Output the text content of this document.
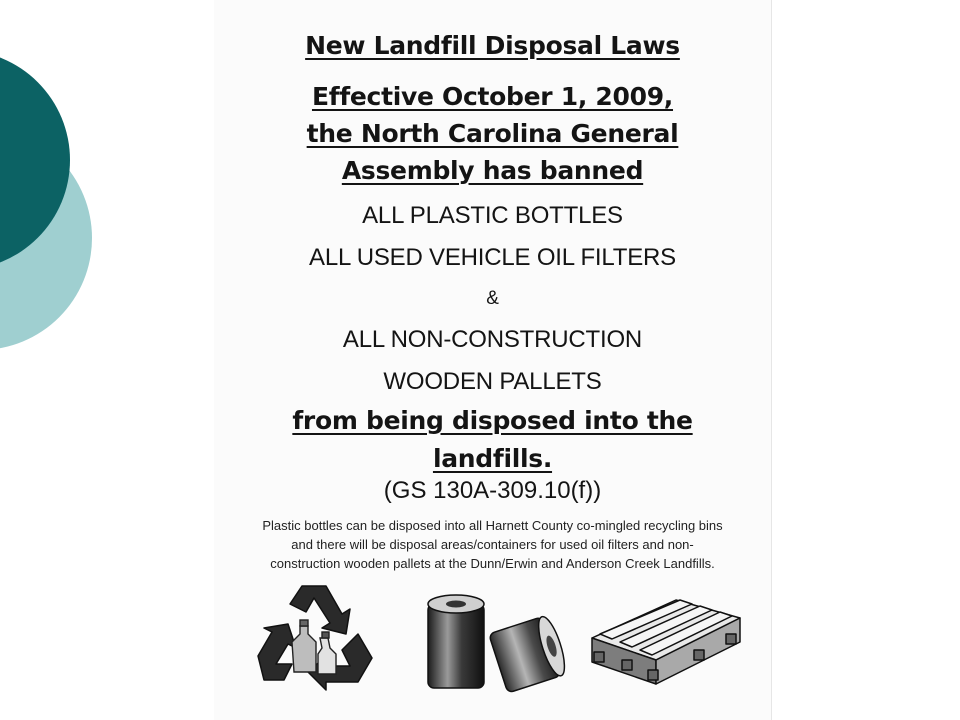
New Landfill Disposal Laws

Effective October 1, 2009,

the North Carolina General

Assembly has banned

ALL PLASTIC BOTTLES

ALL USED VEHICLE OIL FILTERS

&

ALL NON-CONSTRUCTION

WOODEN PALLETS

from being disposed into the

landfills.

(GS 130A-309.10(f))

Plastic bottles can be disposed into all Harnett County co-mingled recycling bins
and there will be disposal areas/containers for used oil filters and non-
construction wooden pallets at the Dunn/Erwin and Anderson Creek Landfills.
